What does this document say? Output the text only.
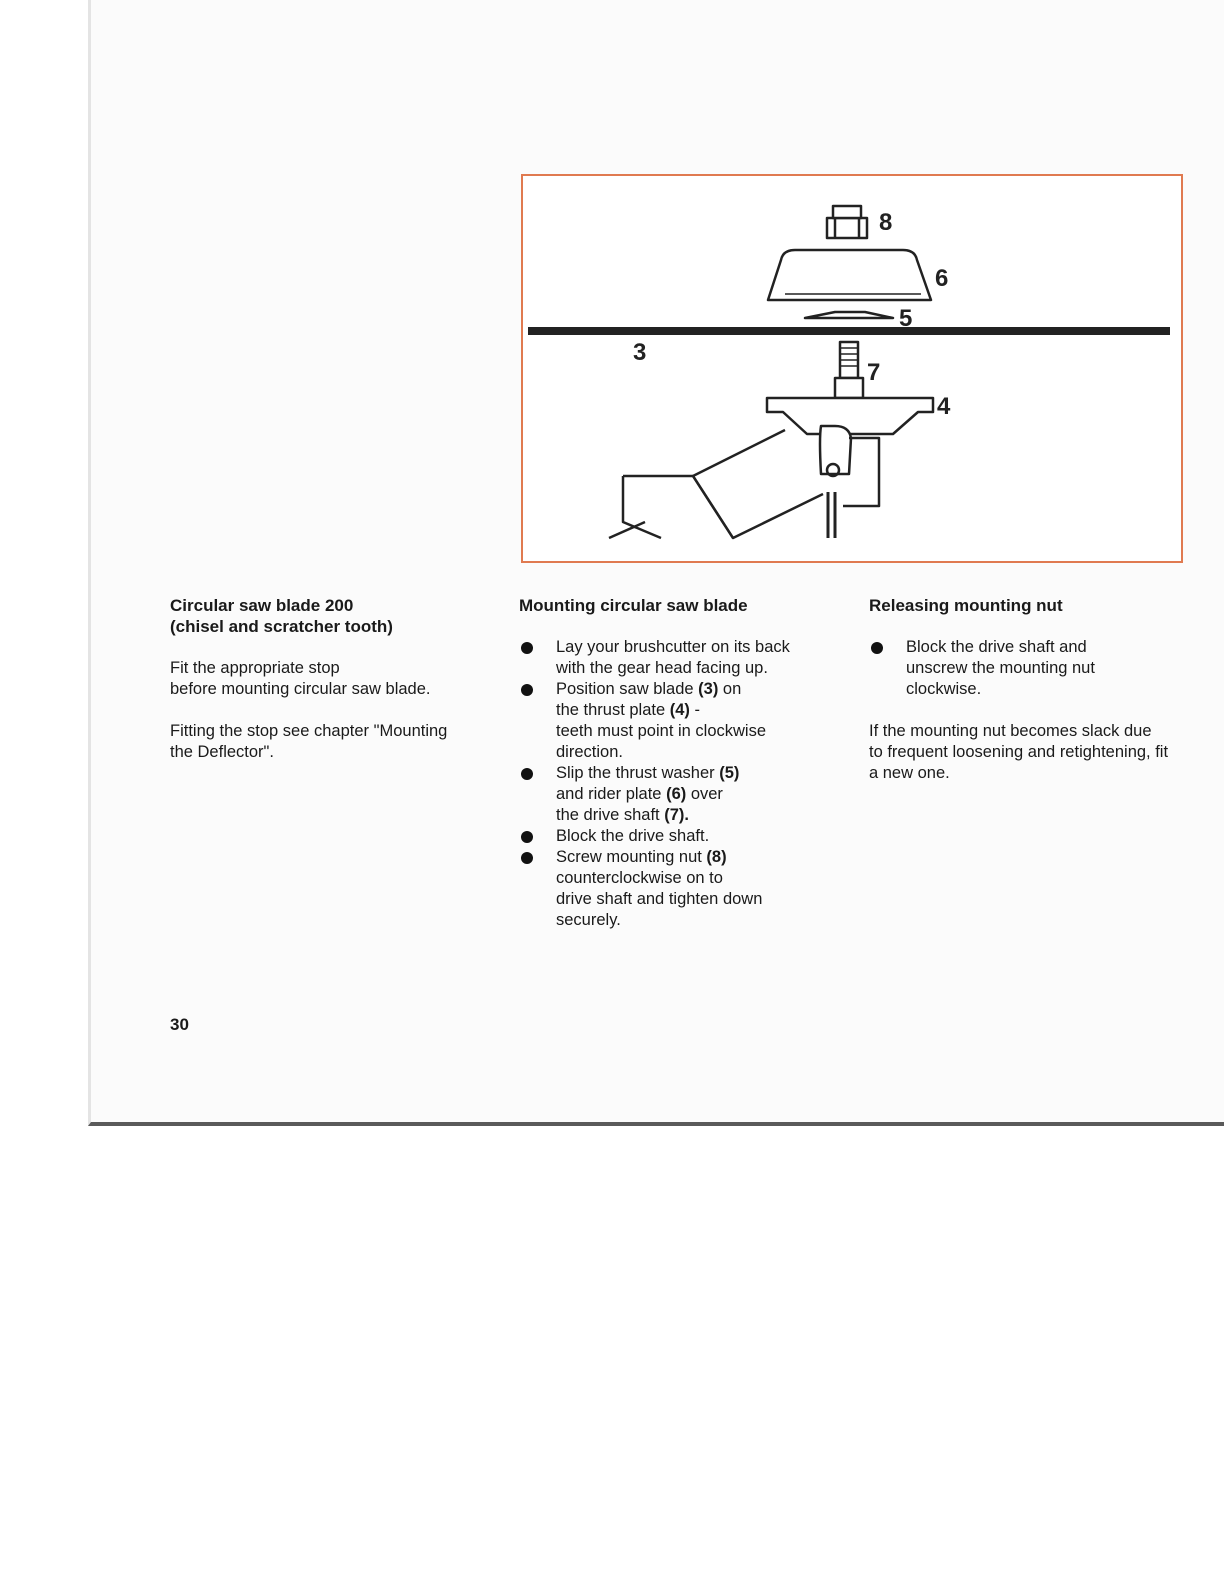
8
6
5
3
7
4
Circular saw blade 200
(chisel and scratcher tooth)

Fit the appropriate stop
before mounting circular saw blade.

Fitting the stop see chapter "Mounting
the Deflector".

Mounting circular saw blade
Lay your brushcutter on its back
with the gear head facing up.
Position saw blade (3) on
the thrust plate (4) -
teeth must point in clockwise
direction.
Slip the thrust washer (5)
and rider plate (6) over
the drive shaft (7).
Block the drive shaft.
Screw mounting nut (8)
counterclockwise on to
drive shaft and tighten down
securely.
Releasing mounting nut
Block the drive shaft and
unscrew the mounting nut
clockwise.

If the mounting nut becomes slack due
to frequent loosening and retightening, fit
a new one.

30
